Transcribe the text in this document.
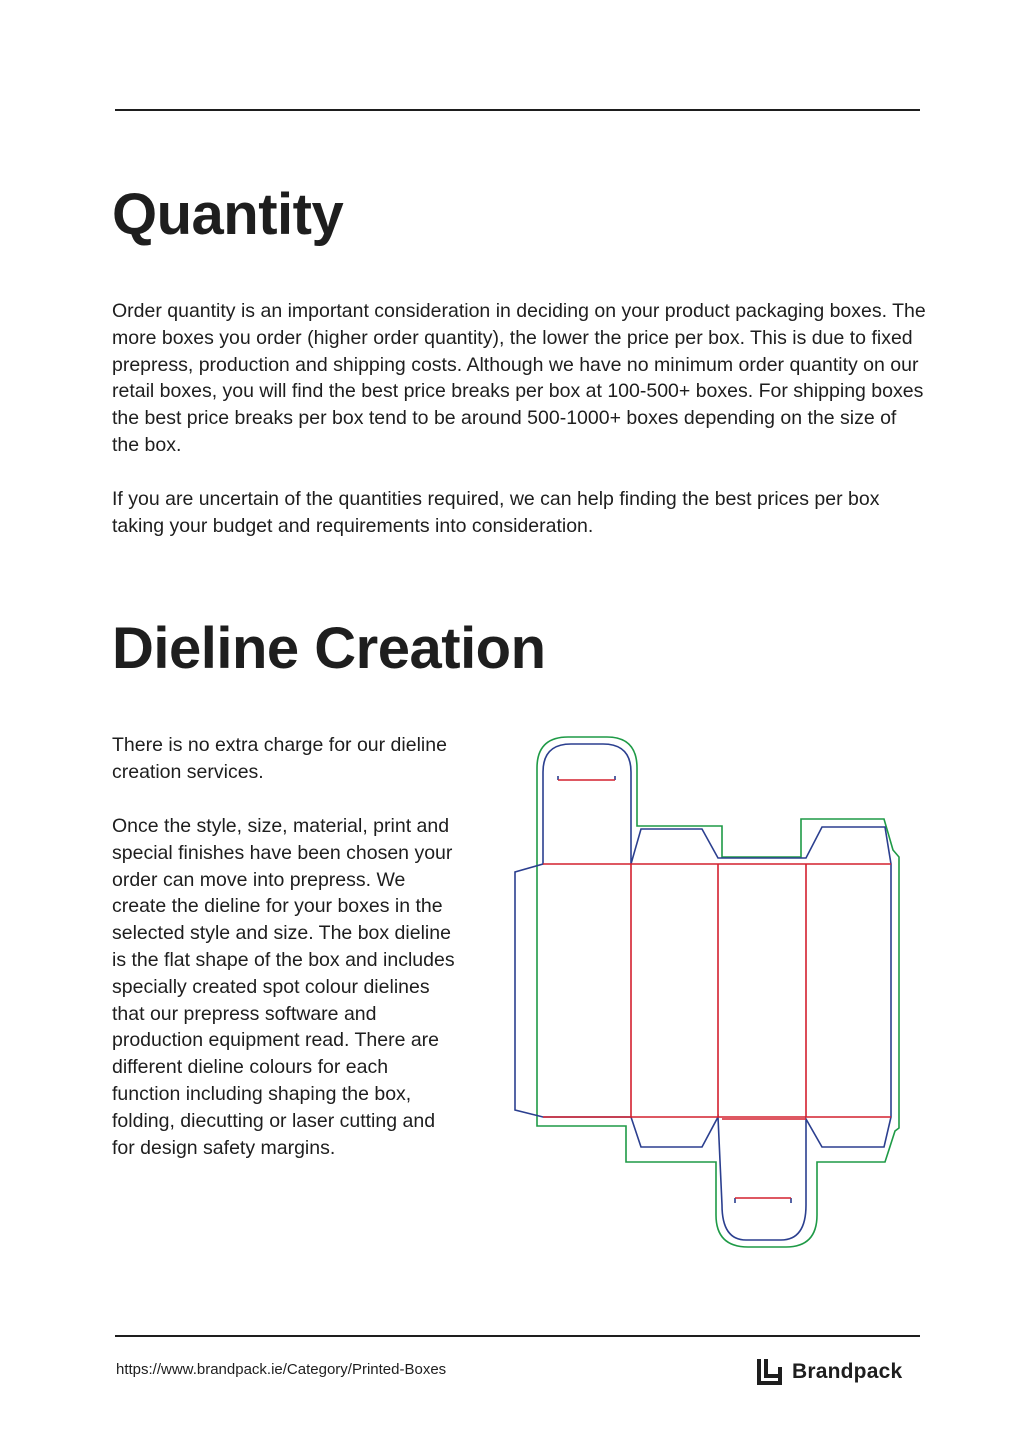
Quantity

Order quantity is an important consideration in deciding on your product packaging boxes. The more boxes you order (higher order quantity), the lower the price per box. This is due to fixed prepress, production and shipping costs. Although we have no minimum order quantity on our retail boxes, you will find the best price breaks per box at 100-500+ boxes. For shipping boxes the best price breaks per box tend to be around 500-1000+ boxes depending on the size of the box.

If you are uncertain of the quantities required, we can help finding the best prices per box taking your budget and requirements into consideration.

Dieline Creation

There is no extra charge for our dieline creation services.

Once the style, size, material, print and special finishes have been chosen your order can move into prepress. We create the dieline for your boxes in the selected style and size. The box dieline is the flat shape of the box and includes specially created spot colour dielines that our prepress software and production equipment read. There are different dieline colours for each function including shaping the box, folding, diecutting or laser cutting and for design safety margins.

https://www.brandpack.ie/Category/Printed-Boxes	Brandpack
